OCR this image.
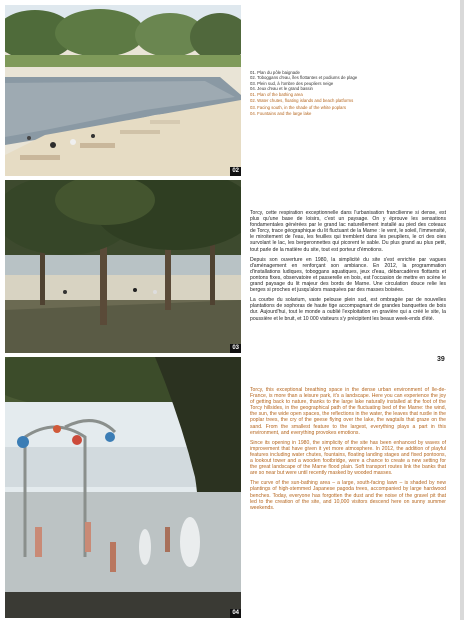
02
03
04
01. Plan du pôle baignade
02. Toboggans d'eau, îles flottantes et podiums de plage
03. Plein sud, à l'ombre des peupliers neige
04. Jeux d'eau et le grand bassin
01. Plan of the bathing area
02. Water chutes, floating islands and beach platforms
03. Facing south, in the shade of the white poplars
04. Fountains and the large lake

Torcy, cette respiration exceptionnelle dans l'urbanisation francilienne si dense, est plus qu'une base de loisirs, c'est un paysage. On y éprouve les sensations fondamentales générées par le grand lac naturellement installé au pied des coteaux de Torcy, trace géographique du lit fluctuant de la Marne : le vent, le soleil, l'immensité, le miroitement de l'eau, les feuilles qui tremblent dans les peupliers, le cri des oies survolant le lac, les bergeronnettes qui picorent le sable. Du plus grand au plus petit, tout parle de la matière du site, tout est porteur d'émotions.

Depuis son ouverture en 1980, la simplicité du site s'est enrichie par vagues d'aménagement en renforçant son ambiance. En 2012, la programmation d'installations ludiques, toboggans aquatiques, jeux d'eau, débarcadères flottants et pontons fixes, observatoire et passerelle en bois, est l'occasion de mettre en scène le grand paysage du lit majeur des bords de Marne. Une circulation douce relie les berges si proches et jusqu'alors masquées par des masses boisées.

La courbe du solarium, vaste pelouse plein sud, est ombragée par de nouvelles plantations de sophoras de haute tige accompagnant de grandes banquettes de bois dur. Aujourd'hui, tout le monde a oublié l'exploitation en gravière qui a créé le site, la poussière et le bruit, et 10 000 visiteurs s'y précipitent les beaux week-ends d'été.

Torcy, this exceptional breathing space in the dense urban environment of Ile-de-France, is more than a leisure park, it's a landscape. Here you can experience the joy of getting back to nature, thanks to the large lake naturally installed at the foot of the Torcy hillsides, in the geographical path of the fluctuating bed of the Marne: the wind, the sun, the wide open spaces, the reflections in the water, the leaves that rustle in the poplar trees, the cry of the geese flying over the lake, the wagtails that graze on the sand. From the smallest feature to the largest, everything plays a part in this environment, and everything provokes emotions.

Since its opening in 1980, the simplicity of the site has been enhanced by waves of improvement that have given it yet more atmosphere. In 2012, the addition of playful features including water chutes, fountains, floating landing stages and fixed pontoons, a lookout tower and a wooden footbridge, were a chance to create a new setting for the great landscape of the Marne flood plain. Soft transport routes link the banks that are so near but were until recently masked by wooded masses.

The curve of the sun-bathing area – a large, south-facing lawn – is shaded by new plantings of high-stemmed Japanese pagoda trees, accompanied by large hardwood benches. Today, everyone has forgotten the dust and the noise of the gravel pit that led to the creation of the site, and 10,000 visitors descend here on sunny summer weekends.

39
